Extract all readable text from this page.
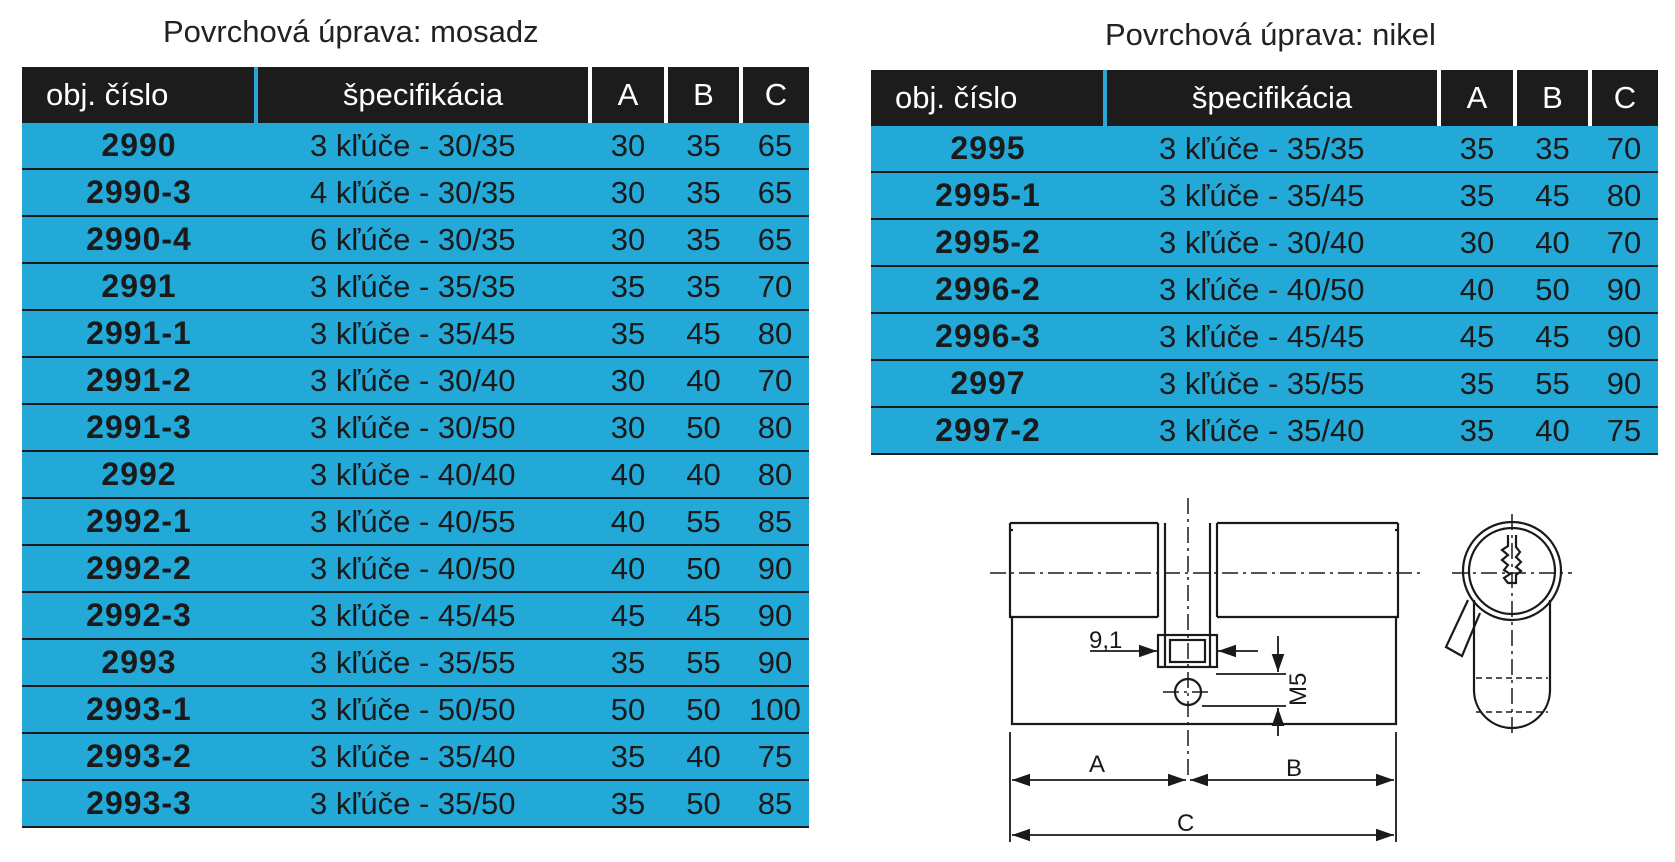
Povrchová úprava: mosadz	Povrchová úprava: nikel
obj. číslo	špecifikácia	A	B	C
2990	3 kľúče - 30/35	30	35	65
2990-3	4 kľúče - 30/35	30	35	65
2990-4	6 kľúče - 30/35	30	35	65
2991	3 kľúče - 35/35	35	35	70
2991-1	3 kľúče - 35/45	35	45	80
2991-2	3 kľúče - 30/40	30	40	70
2991-3	3 kľúče - 30/50	30	50	80
2992	3 kľúče - 40/40	40	40	80
2992-1	3 kľúče - 40/55	40	55	85
2992-2	3 kľúče - 40/50	40	50	90
2992-3	3 kľúče - 45/45	45	45	90
2993	3 kľúče - 35/55	35	55	90
2993-1	3 kľúče - 50/50	50	50	100
2993-2	3 kľúče - 35/40	35	40	75
2993-3	3 kľúče - 35/50	35	50	85
obj. číslo	špecifikácia	A	B	C
2995	3 kľúče - 35/35	35	35	70
2995-1	3 kľúče - 35/45	35	45	80
2995-2	3 kľúče - 30/40	30	40	70
2996-2	3 kľúče - 40/50	40	50	90
2996-3	3 kľúče - 45/45	45	45	90
2997	3 kľúče - 35/55	35	55	90
2997-2	3 kľúče - 35/40	35	40	75
A	B
C
9,1
M5
